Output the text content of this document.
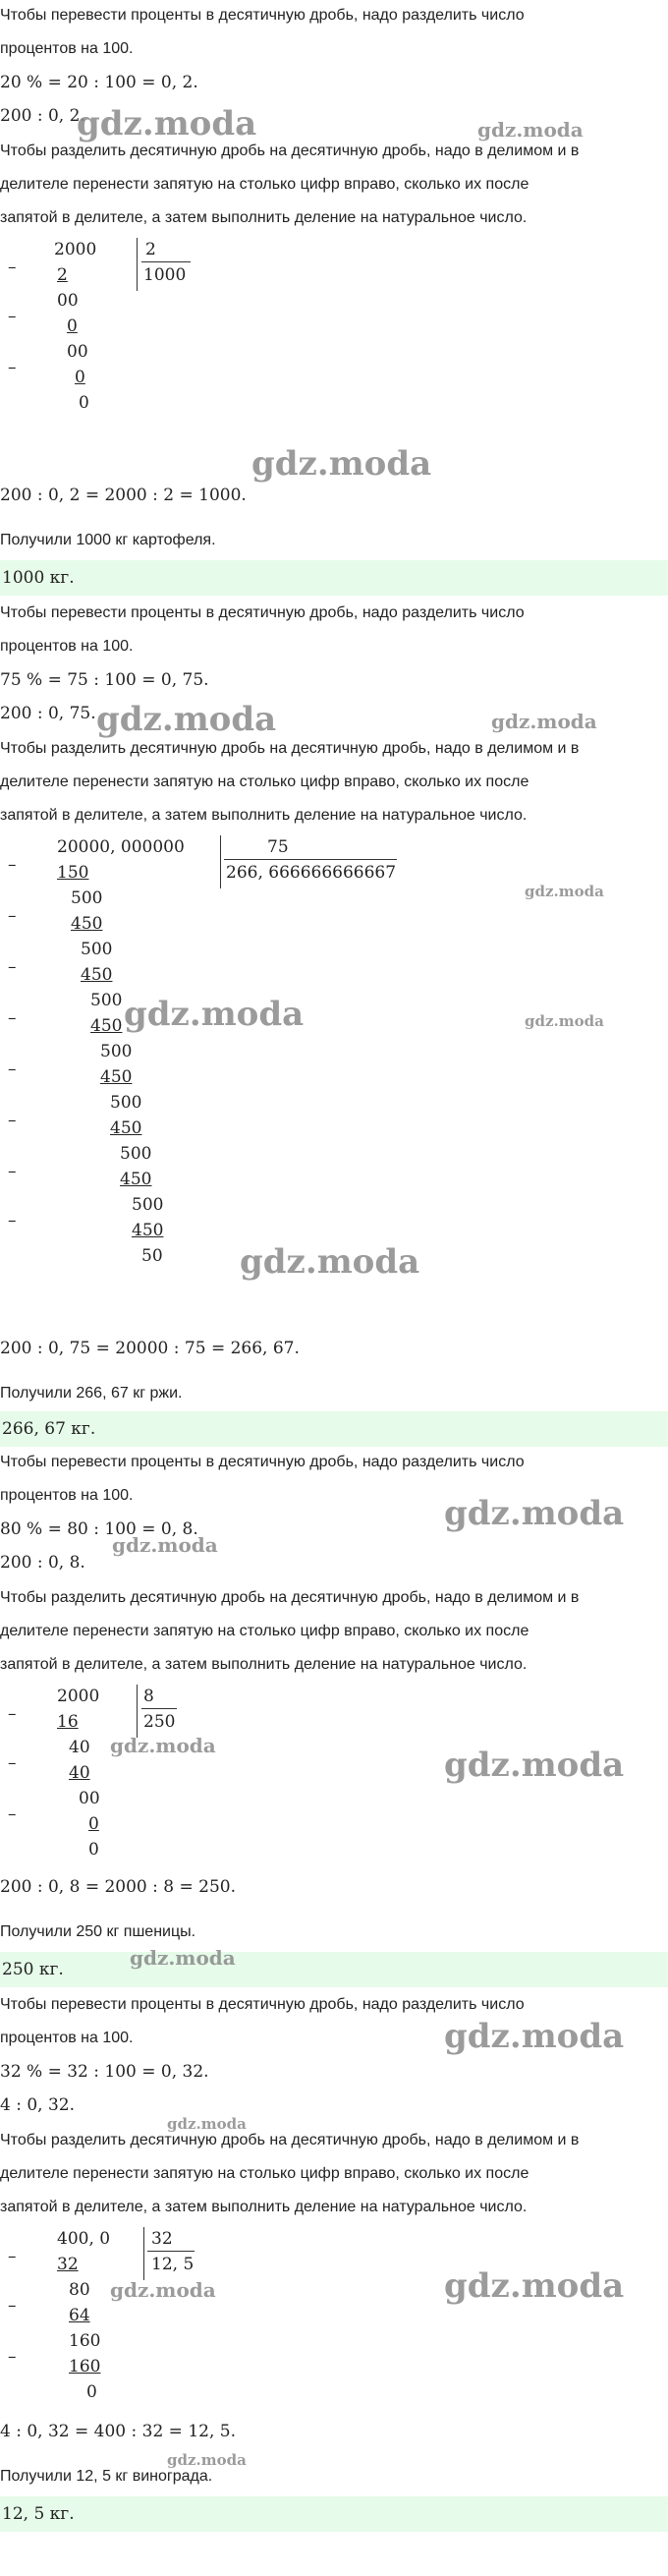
Чтобы перевести проценты в десятичную дробь, надо разделить число
процентов на 100.
20 % = 20 : 100 = 0, 2.
200 : 0, 2.
Чтобы разделить десятичную дробь на десятичную дробь, надо в делимом и в
делителе перенести запятую на столько цифр вправо, сколько их после
запятой в делителе, а затем выполнить деление на натуральное число.
2000	2
1000
– 2
00
–	0
00
–	0
0
200 : 0, 2 = 2000 : 2 = 1000.
Получили 1000 кг картофеля.
1000 кг.
Чтобы перевести проценты в десятичную дробь, надо разделить число
процентов на 100.
75 % = 75 : 100 = 0, 75.
200 : 0, 75.
Чтобы разделить десятичную дробь на десятичную дробь, надо в делимом и в
делителе перенести запятую на столько цифр вправо, сколько их после
запятой в делителе, а затем выполнить деление на натуральное число.
20000, 000000	75
266, 666666666667
– 150
500
–	450
500
–	450
500
–	450
500
–	450
500
–	450
500
–	450
500
–	450
50
200 : 0, 75 = 20000 : 75 = 266, 67.
Получили 266, 67 кг ржи.
266, 67 кг.
Чтобы перевести проценты в десятичную дробь, надо разделить число
процентов на 100.
80 % = 80 : 100 = 0, 8.
200 : 0, 8.
Чтобы разделить десятичную дробь на десятичную дробь, надо в делимом и в
делителе перенести запятую на столько цифр вправо, сколько их после
запятой в делителе, а затем выполнить деление на натуральное число.
2000	8
250
– 16
40
–	40
00
–	0
0
200 : 0, 8 = 2000 : 8 = 250.
Получили 250 кг пшеницы.
250 кг.
Чтобы перевести проценты в десятичную дробь, надо разделить число
процентов на 100.
32 % = 32 : 100 = 0, 32.
4 : 0, 32.
Чтобы разделить десятичную дробь на десятичную дробь, надо в делимом и в
делителе перенести запятую на столько цифр вправо, сколько их после
запятой в делителе, а затем выполнить деление на натуральное число.
400, 0 32
12, 5
– 32
80
–	64
160
–	160
0
4 : 0, 32 = 400 : 32 = 12, 5.
Получили 12, 5 кг винограда.
12, 5 кг.
gdz.moda	gdz.moda
gdz.moda
gdz.moda	gdz.moda
gdz.moda
gdz.moda	gdz.moda
gdz.moda
gdz.moda
gdz.moda
gdz.moda	gdz.moda
gdz.moda
gdz.moda
gdz.moda
gdz.moda	gdz.moda
gdz.moda
